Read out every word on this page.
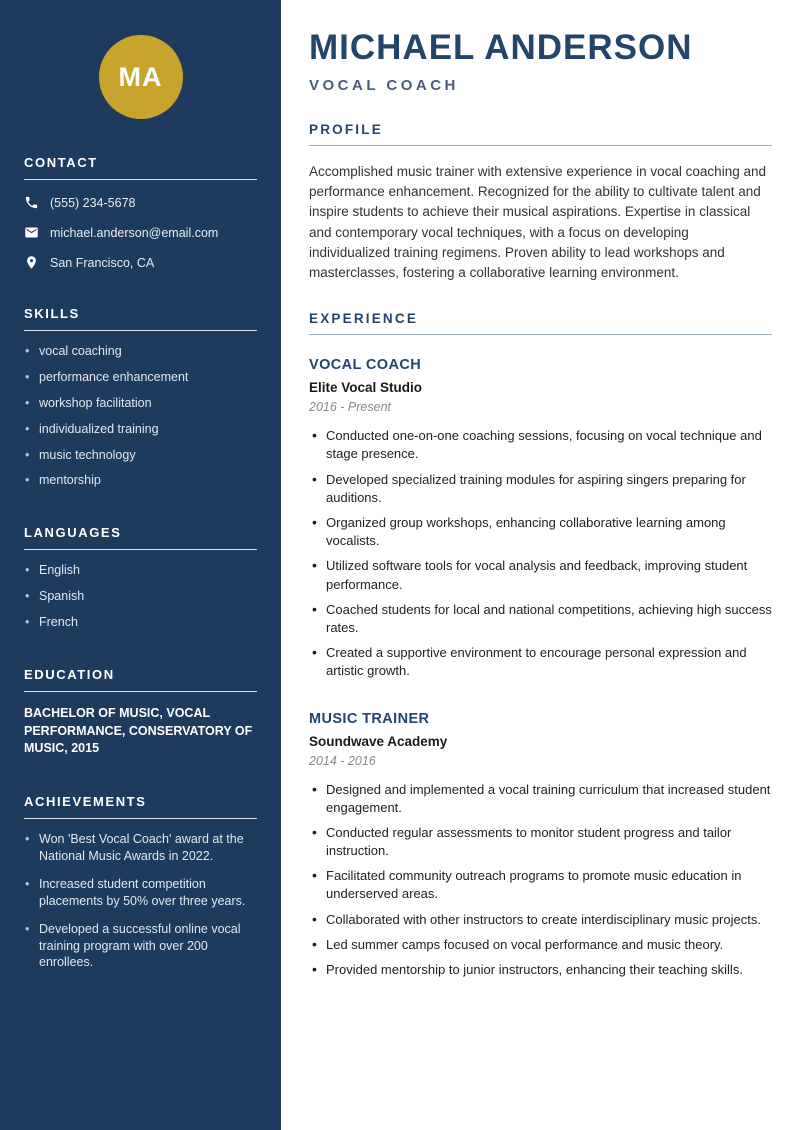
MA
CONTACT
(555) 234-5678
michael.anderson@email.com
San Francisco, CA
SKILLS
• vocal coaching
• performance enhancement
• workshop facilitation
• individualized training
• music technology
• mentorship
LANGUAGES
• English
• Spanish
• French
EDUCATION

BACHELOR OF MUSIC, VOCAL PERFORMANCE, CONSERVATORY OF MUSIC, 2015

ACHIEVEMENTS
• Won 'Best Vocal Coach' award at the National Music Awards in 2022.
• Increased student competition placements by 50% over three years.
• Developed a successful online vocal training program with over 200 enrollees.
MICHAEL ANDERSON
VOCAL COACH
PROFILE

Accomplished music trainer with extensive experience in vocal coaching and performance enhancement. Recognized for the ability to cultivate talent and inspire students to achieve their musical aspirations. Expertise in classical and contemporary vocal techniques, with a focus on developing individualized training regimens. Proven ability to lead workshops and masterclasses, fostering a collaborative learning environment.

EXPERIENCE
VOCAL COACH
Elite Vocal Studio
2016 - Present
• Conducted one-on-one coaching sessions, focusing on vocal technique and stage presence.
• Developed specialized training modules for aspiring singers preparing for auditions.
• Organized group workshops, enhancing collaborative learning among vocalists.
• Utilized software tools for vocal analysis and feedback, improving student performance.
• Coached students for local and national competitions, achieving high success rates.
• Created a supportive environment to encourage personal expression and artistic growth.
MUSIC TRAINER
Soundwave Academy
2014 - 2016
• Designed and implemented a vocal training curriculum that increased student engagement.
• Conducted regular assessments to monitor student progress and tailor instruction.
• Facilitated community outreach programs to promote music education in underserved areas.
• Collaborated with other instructors to create interdisciplinary music projects.
• Led summer camps focused on vocal performance and music theory.
• Provided mentorship to junior instructors, enhancing their teaching skills.
